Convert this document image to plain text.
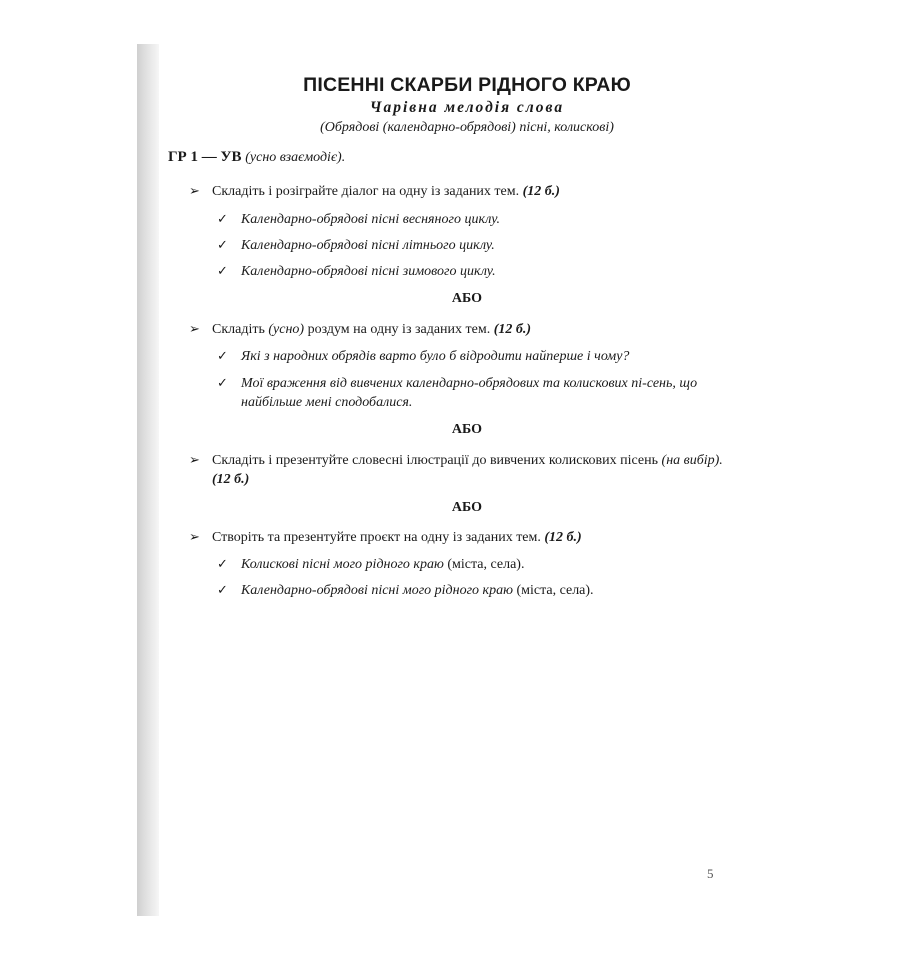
ПІСЕННІ СКАРБИ РІДНОГО КРАЮ
Чарівна мелодія слова
(Обрядові (календарно-обрядові) пісні, колискові)
ГР 1 — УВ (усно взаємодіє).
➢ Складіть і розіграйте діалог на одну із заданих тем. (12 б.)
✓ Календарно-обрядові пісні весняного циклу.
✓ Календарно-обрядові пісні літнього циклу.
✓ Календарно-обрядові пісні зимового циклу.
АБО
➢ Складіть (усно) роздум на одну із заданих тем. (12 б.)
✓ Які з народних обрядів варто було б відродити найперше і чому?
✓ Мої враження від вивчених календарно-обрядових та колискових пі-сень, що найбільше мені сподобалися.
АБО
➢ Складіть і презентуйте словесні ілюстрації до вивчених колискових пісень (на вибір). (12 б.)
АБО
➢ Створіть та презентуйте проєкт на одну із заданих тем. (12 б.)
✓ Колискові пісні мого рідного краю (міста, села).
✓ Календарно-обрядові пісні мого рідного краю (міста, села).
5
